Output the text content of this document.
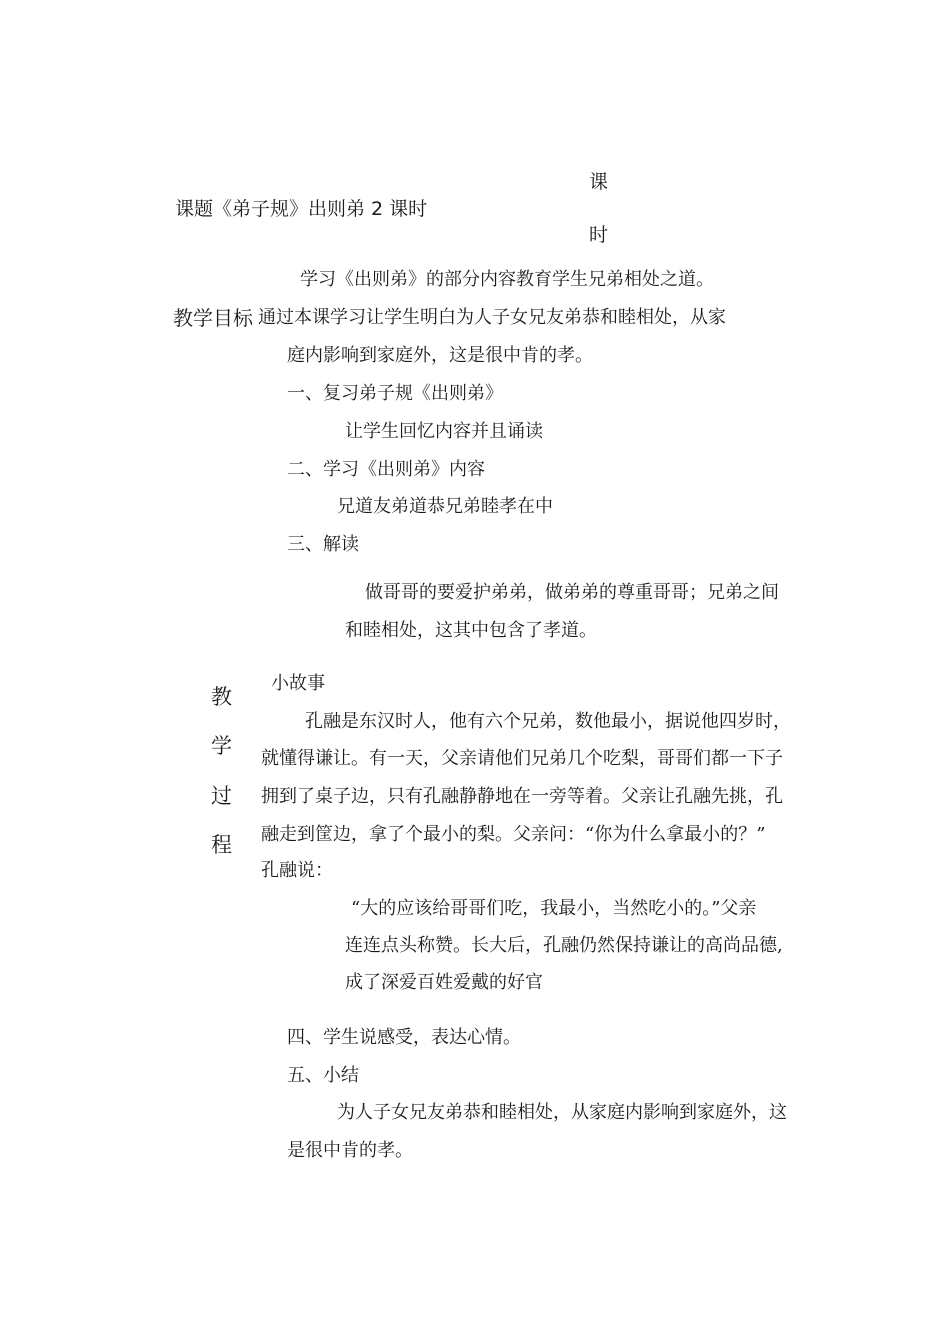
课题《弟子规》出则弟 2 课时
课
时
学习《出则弟》的部分内容教育学生兄弟相处之道。
教学目标 通过本课学习让学生明白为人子女兄友弟恭和睦相处，从家
庭内影响到家庭外，这是很中肯的孝。
一、复习弟子规《出则弟》
让学生回忆内容并且诵读
二、学习《出则弟》内容
兄道友弟道恭兄弟睦孝在中
三、解读
做哥哥的要爱护弟弟，做弟弟的尊重哥哥；兄弟之间
和睦相处，这其中包含了孝道。
教
学
过
程
小故事
孔融是东汉时人，他有六个兄弟，数他最小，据说他四岁时，
就懂得谦让。有一天，父亲请他们兄弟几个吃梨，哥哥们都一下子
拥到了桌子边，只有孔融静静地在一旁等着。父亲让孔融先挑，孔
融走到筐边，拿了个最小的梨。父亲问：“你为什么拿最小的？”
孔融说：
“大的应该给哥哥们吃，我最小，当然吃小的。”父亲
连连点头称赞。长大后，孔融仍然保持谦让的高尚品德,
成了深爱百姓爱戴的好官
四、学生说感受，表达心情。
五、小结
为人子女兄友弟恭和睦相处，从家庭内影响到家庭外，这
是很中肯的孝。
